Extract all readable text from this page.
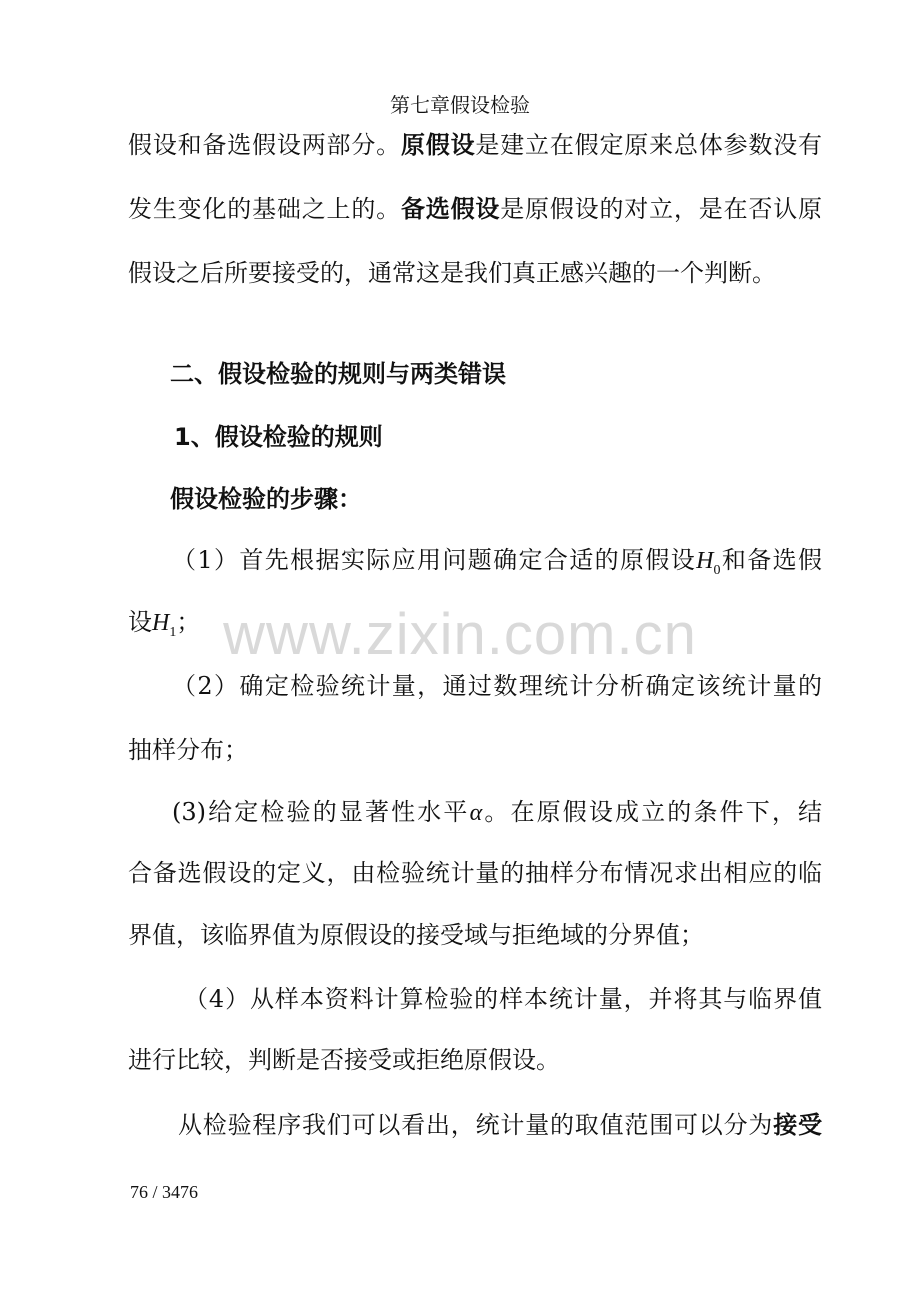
第七章假设检验
假设和备选假设两部分。原假设是建立在假定原来总体参数没有
发生变化的基础之上的。备选假设是原假设的对立，是在否认原
假设之后所要接受的，通常这是我们真正感兴趣的一个判断。
二、假设检验的规则与两类错误
1、假设检验的规则
假设检验的步骤：
（1）首先根据实际应用问题确定合适的原假设$H_0$和备选假
设$H_1$；
（2）确定检验统计量，通过数理统计分析确定该统计量的
抽样分布；
(3)给定检验的显著性水平α。在原假设成立的条件下，结
合备选假设的定义，由检验统计量的抽样分布情况求出相应的临
界值，该临界值为原假设的接受域与拒绝域的分界值；
（4）从样本资料计算检验的样本统计量，并将其与临界值
进行比较，判断是否接受或拒绝原假设。
从检验程序我们可以看出，统计量的取值范围可以分为接受
www.zixin.com.cn
76 / 3476
